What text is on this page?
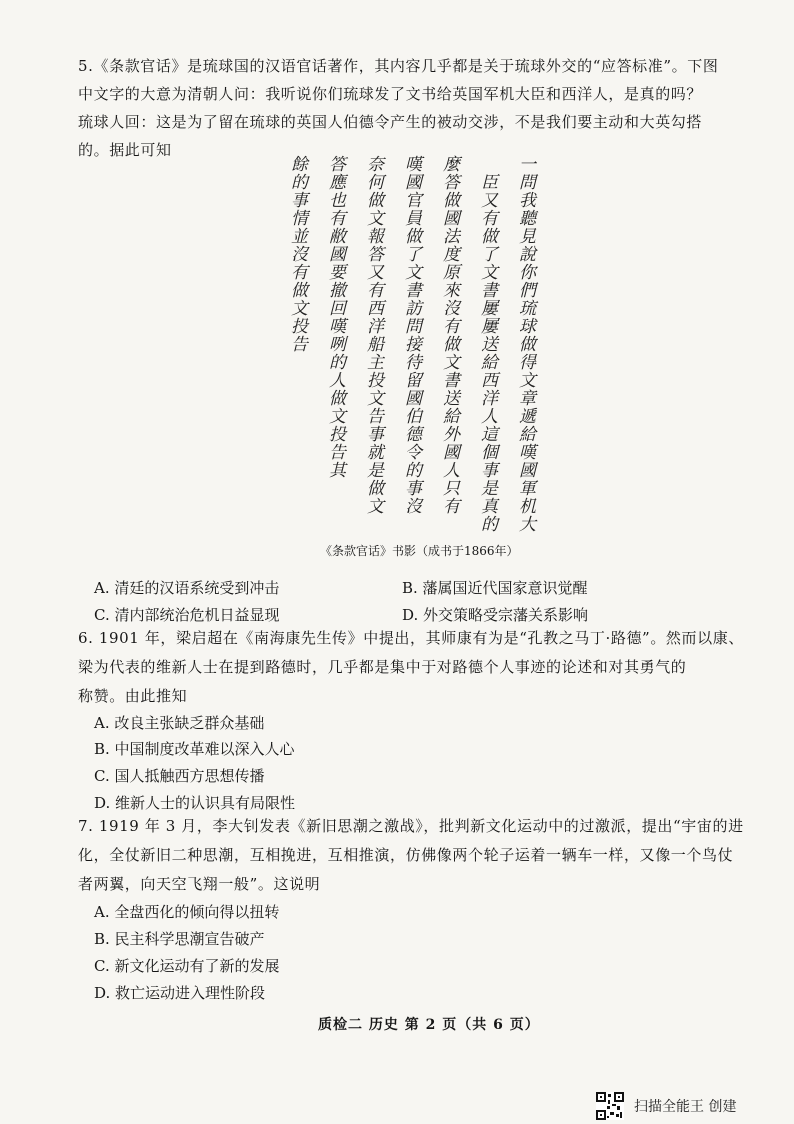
5.《条款官话》是琉球国的汉语官话著作，其内容几乎都是关于琉球外交的“应答标准”。下图
中文字的大意为清朝人问：我听说你们琉球发了文书给英国军机大臣和西洋人，是真的吗？
琉球人回：这是为了留在琉球的英国人伯德令产生的被动交涉，不是我们要主动和大英勾搭
的。据此可知
一問我聽見說你們琉球做得文章遞給嘆國軍机大
臣又有做了文書屢屢送給西洋人這個事是真的
麼答做國法度原來沒有做文書送給外國人只有
嘆國官員做了文書訪問接待留國伯德令的事沒
奈何做文報答又有西洋船主投文告事就是做文
答應也有敝國要撤回嘆咧的人做文投告其
餘的事情並沒有做文投告
《条款官话》书影（成书于1866年）
A. 清廷的汉语系统受到冲击	B. 藩属国近代国家意识觉醒
C. 清内部统治危机日益显现	D. 外交策略受宗藩关系影响
6. 1901 年，梁启超在《南海康先生传》中提出，其师康有为是“孔教之马丁·路德”。然而以康、
梁为代表的维新人士在提到路德时，几乎都是集中于对路德个人事迹的论述和对其勇气的
称赞。由此推知
A. 改良主张缺乏群众基础
B. 中国制度改革难以深入人心
C. 国人抵触西方思想传播
D. 维新人士的认识具有局限性
7. 1919 年 3 月，李大钊发表《新旧思潮之激战》，批判新文化运动中的过激派，提出“宇宙的进
化，全仗新旧二种思潮，互相挽进，互相推演，仿佛像两个轮子运着一辆车一样，又像一个鸟仗
者两翼，向天空飞翔一般”。这说明
A. 全盘西化的倾向得以扭转
B. 民主科学思潮宣告破产
C. 新文化运动有了新的发展
D. 救亡运动进入理性阶段
质检二 历史 第 2 页（共 6 页）
扫描全能王 创建
